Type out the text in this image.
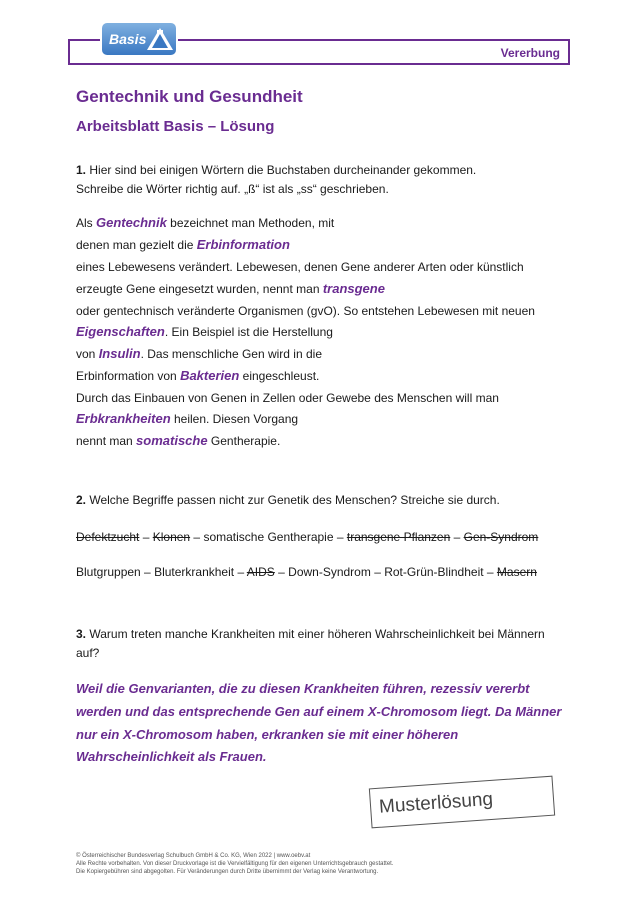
Vererbung
Basis
Gentechnik und Gesundheit
Arbeitsblatt Basis – Lösung
1. Hier sind bei einigen Wörtern die Buchstaben durcheinander gekommen.
Schreibe die Wörter richtig auf. „ß“ ist als „ss“ geschrieben.
Als Gentechnik bezeichnet man Methoden, mit
denen man gezielt die Erbinformation
eines Lebewesens verändert. Lebewesen, denen Gene anderer Arten oder künstlich
erzeugte Gene eingesetzt wurden, nennt man transgene
oder gentechnisch veränderte Organismen (gvO). So entstehen Lebewesen mit neuen
Eigenschaften. Ein Beispiel ist die Herstellung
von Insulin. Das menschliche Gen wird in die
Erbinformation von Bakterien eingeschleust.
Durch das Einbauen von Genen in Zellen oder Gewebe des Menschen will man
Erbkrankheiten heilen. Diesen Vorgang
nennt man somatische Gentherapie.
2. Welche Begriffe passen nicht zur Genetik des Menschen? Streiche sie durch.
Defektzucht – Klonen – somatische Gentherapie – transgene Pflanzen – Gen-Syndrom
Blutgruppen – Bluterkrankheit – AIDS – Down-Syndrom – Rot-Grün-Blindheit – Masern
3. Warum treten manche Krankheiten mit einer höheren Wahrscheinlichkeit bei Männern
auf?
Weil die Genvarianten, die zu diesen Krankheiten führen, rezessiv vererbt
werden und das entsprechende Gen auf einem X-Chromosom liegt. Da Männer
nur ein X-Chromosom haben, erkranken sie mit einer höheren
Wahrscheinlichkeit als Frauen.
Musterlösung
© Österreichischer Bundesverlag Schulbuch GmbH & Co. KG, Wien 2022 | www.oebv.at
Alle Rechte vorbehalten. Von dieser Druckvorlage ist die Vervielfältigung für den eigenen Unterrichtsgebrauch gestattet.
Die Kopiergebühren sind abgegolten. Für Veränderungen durch Dritte übernimmt der Verlag keine Verantwortung.
